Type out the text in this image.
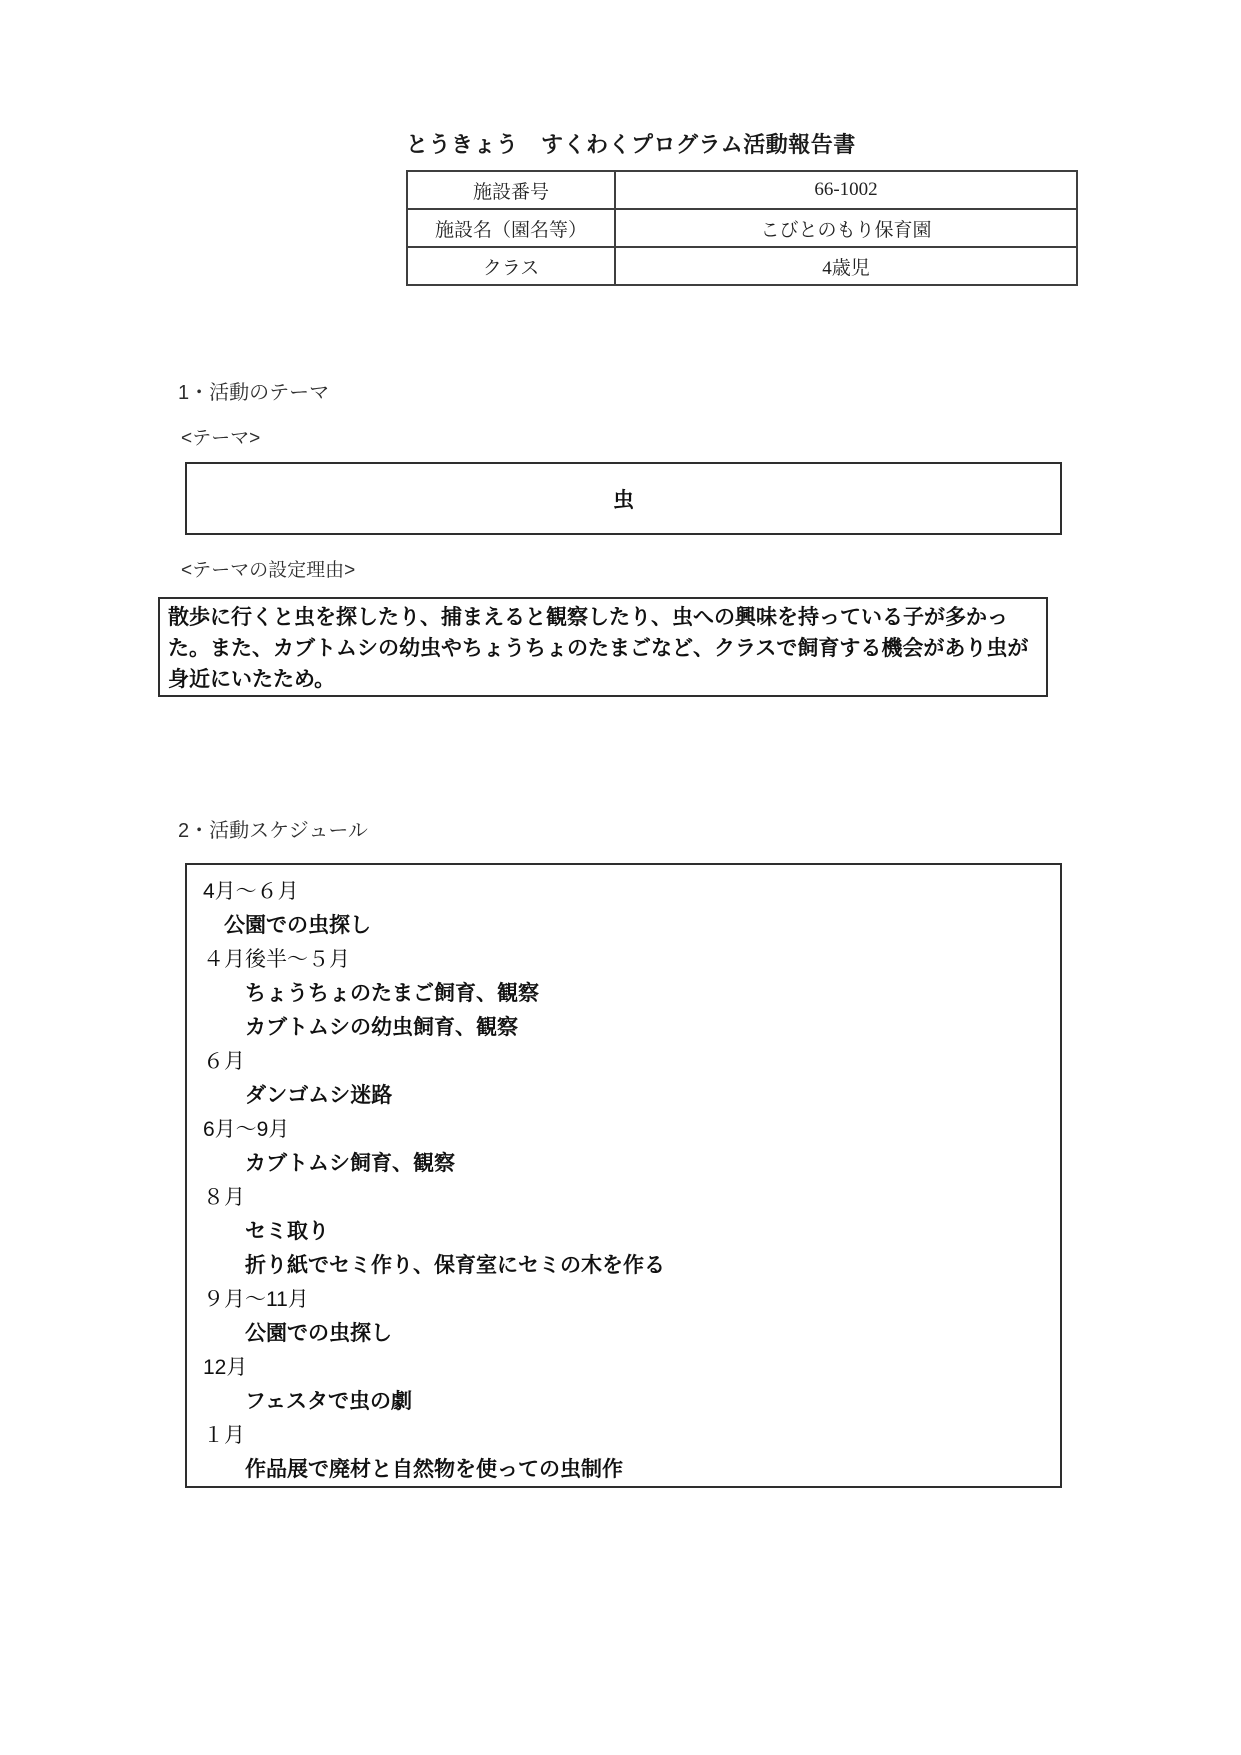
とうきょう　すくわくプログラム活動報告書
施設番号	66-1002
施設名（園名等）	こびとのもり保育園
クラス	4歳児
1・活動のテーマ
<テーマ>
虫
<テーマの設定理由>
散歩に行くと虫を探したり、捕まえると観察したり、虫への興味を持っている子が多かっ
た。また、カブトムシの幼虫やちょうちょのたまごなど、クラスで飼育する機会があり虫が
身近にいたため。
2・活動スケジュール
4月～６月
　公園での虫探し
４月後半～５月
　　ちょうちょのたまご飼育、観察
　　カブトムシの幼虫飼育、観察
６月
　　ダンゴムシ迷路
6月～9月
　　カブトムシ飼育、観察
８月
　　セミ取り
　　折り紙でセミ作り、保育室にセミの木を作る
９月～11月
　　公園での虫探し
12月
　　フェスタで虫の劇
１月
　　作品展で廃材と自然物を使っての虫制作
